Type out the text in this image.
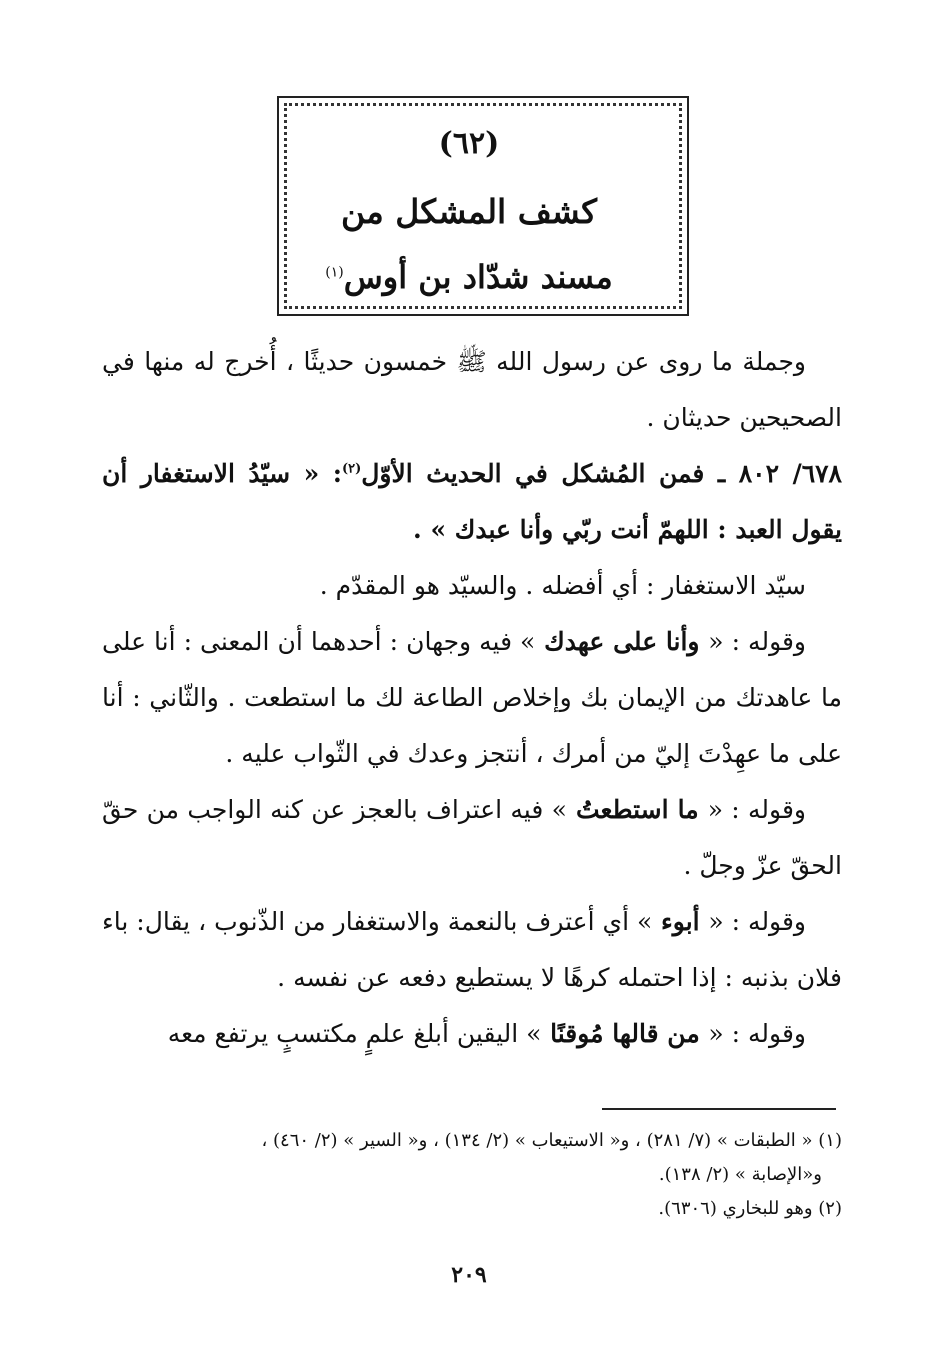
(٦٢)
كشف المشكل من
مسند شدّاد بن أوس$^{(١)}$

وجملة ما روى عن رسول الله ﷺ خمسون حديثًا ، أُخرج له منها في الصحيحين حديثان .

٦٧٨/ ٨٠٢ ـ فمن المُشكل في الحديث الأوّل$^{(٢)}$: « سيّدُ الاستغفار أن يقول العبد : اللهمّ أنت ربّي وأنا عبدك » .

سيّد الاستغفار : أي أفضله . والسيّد هو المقدّم .

وقوله : « وأنا على عهدك » فيه وجهان : أحدهما أن المعنى : أنا على ما عاهدتك من الإيمان بك وإخلاص الطاعة لك ما استطعت . والثّاني : أنا على ما عهِدْتَ إليّ من أمرك ، أنتجز وعدك في الثّواب عليه .

وقوله : « ما استطعتُ » فيه اعتراف بالعجز عن كنه الواجب من حقّ الحقّ عزّ وجلّ .

وقوله : « أبوء » أي أعترف بالنعمة والاستغفار من الذّنوب ، يقال: باء فلان بذنبه : إذا احتمله كرهًا لا يستطيع دفعه عن نفسه .

وقوله : « من قالها مُوقنًا » اليقين أبلغ علمٍ مكتسبٍ يرتفع معه

(١) « الطبقات » (٧/ ٢٨١) ، و« الاستيعاب » (٢/ ١٣٤) ، و« السير » (٢/ ٤٦٠) ،

و«الإصابة » (٢/ ١٣٨).

(٢) وهو للبخاري (٦٣٠٦).

٢٠٩
